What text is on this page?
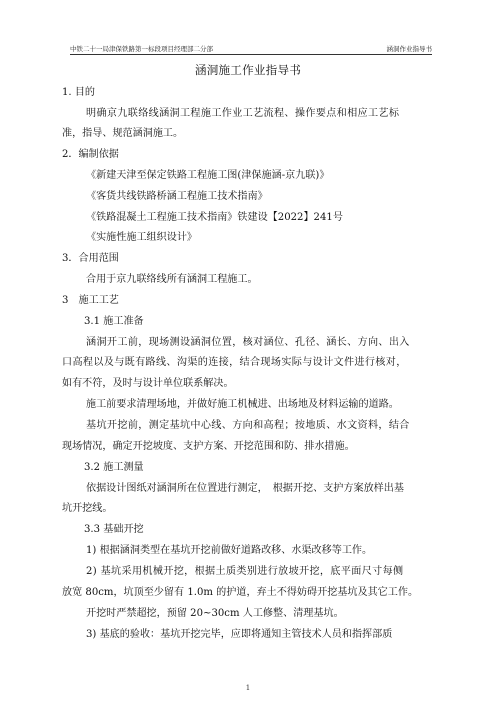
中铁二十一局津保铁路第一标段项目经理部二分部	涵洞作业指导书
涵洞施工作业指导书
1. 目的
明确京九联络线涵洞工程施工作业工艺流程、操作要点和相应工艺标
准，指导、规范涵洞施工。
2．编制依据
《新建天津至保定铁路工程施工图(津保施涵-京九联)》
《客货共线铁路桥涵工程施工技术指南》
《铁路混凝土工程施工技术指南》铁建设【2022】241号
《实施性施工组织设计》
3．合用范围
合用于京九联络线所有涵洞工程施工。
3　施工工艺
3.1 施工准备
涵洞开工前，现场测设涵洞位置，核对涵位、孔径、涵长、方向、出入
口高程以及与既有路线、沟渠的连接，结合现场实际与设计文件进行核对，
如有不符，及时与设计单位联系解决。
施工前要求清理场地，并做好施工机械进、出场地及材料运输的道路。
基坑开挖前，测定基坑中心线、方向和高程；按地质、水文资料，结合
现场情况，确定开挖坡度、支护方案、开挖范围和防、排水措施。
3.2 施工测量
依据设计图纸对涵洞所在位置进行测定，　根据开挖、支护方案放样出基
坑开挖线。
3.3 基础开挖
1) 根据涵洞类型在基坑开挖前做好道路改移、水渠改移等工作。
2) 基坑采用机械开挖，根据土质类别进行放坡开挖，底平面尺寸每侧
放宽 80cm，坑顶至少留有 1.0m 的护道，弃土不得妨碍开挖基坑及其它工作。
开挖时严禁超挖，预留 20~30cm 人工修整、清理基坑。
3) 基底的验收：基坑开挖完毕，应即将通知主管技术人员和指挥部质
1
